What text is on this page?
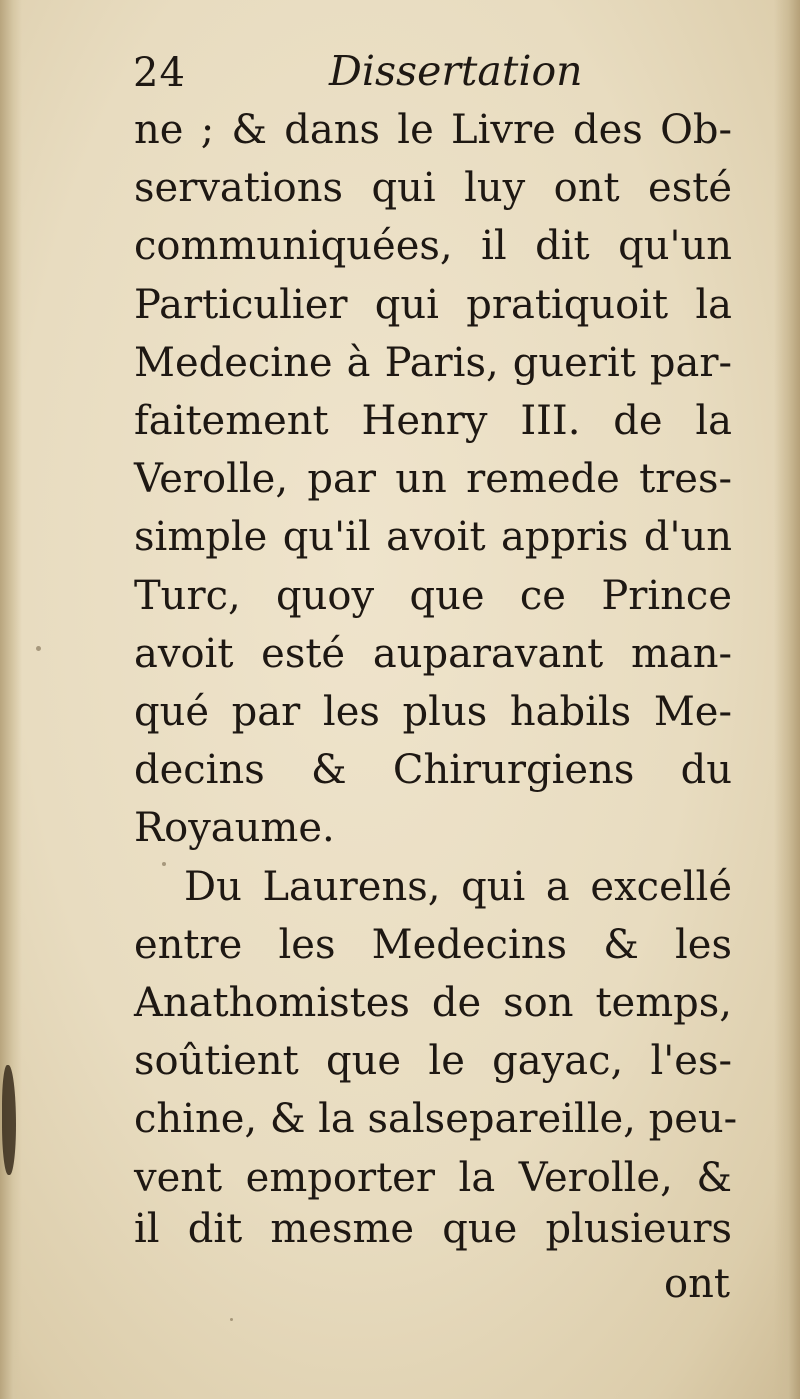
24	Dissertation

ne ; & dans le Livre des Ob-

servations qui luy ont esté

communiquées, il dit qu'un

Particulier qui pratiquoit la

Medecine à Paris, guerit par-

faitement Henry III. de la

Verolle, par un remede tres-

simple qu'il avoit appris d'un

Turc, quoy que ce Prince

avoit esté auparavant man-

qué par les plus habils Me-

decins & Chirurgiens du

Royaume.

Du Laurens, qui a excellé

entre les Medecins & les

Anathomistes de son temps,

soûtient que le gayac, l'es-

chine, & la salsepareille, peu-

vent emporter la Verolle, &

il dit mesme que plusieurs

ont
